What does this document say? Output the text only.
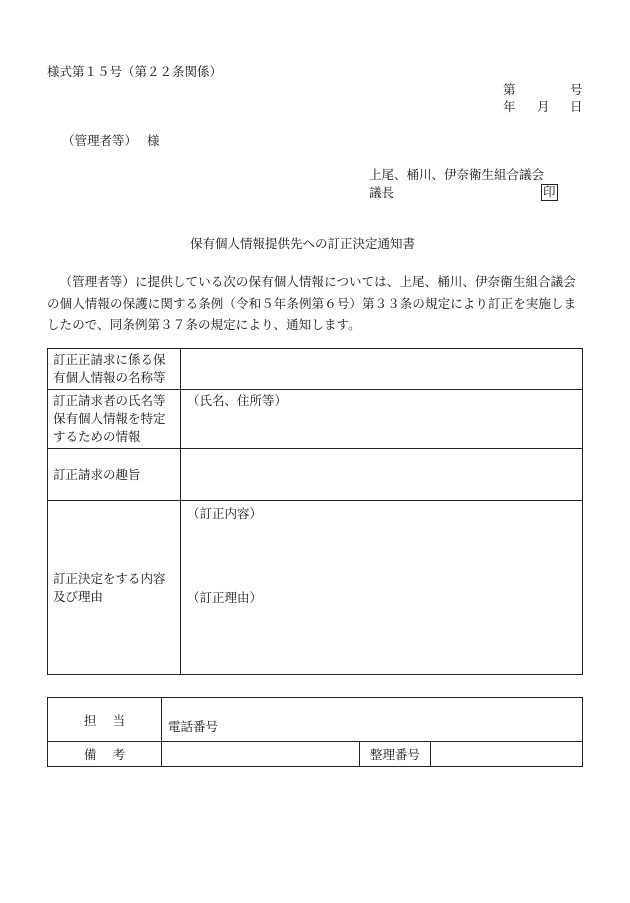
様式第１５号（第２２条関係）
第	号
年 月 日
（管理者等） 様
上尾、桶川、伊奈衛生組合議会
議長	印
保有個人情報提供先への訂正決定通知書
（管理者等）に提供している次の保有個人情報については、上尾、桶川、伊奈衛生組合議会の個人情報の保護に関する条例（令和５年条例第６号）第３３条の規定により訂正を実施しましたので、同条例第３７条の規定により、通知します。
訂正正請求に係る保有個人情報の名称等	
訂正請求者の氏名等保有個人情報を特定するための情報	（氏名、住所等）
訂正請求の趣旨	
訂正決定をする内容及び理由	（訂正内容）
（訂正理由）
担当	電話番号		
備考		整理番号	
